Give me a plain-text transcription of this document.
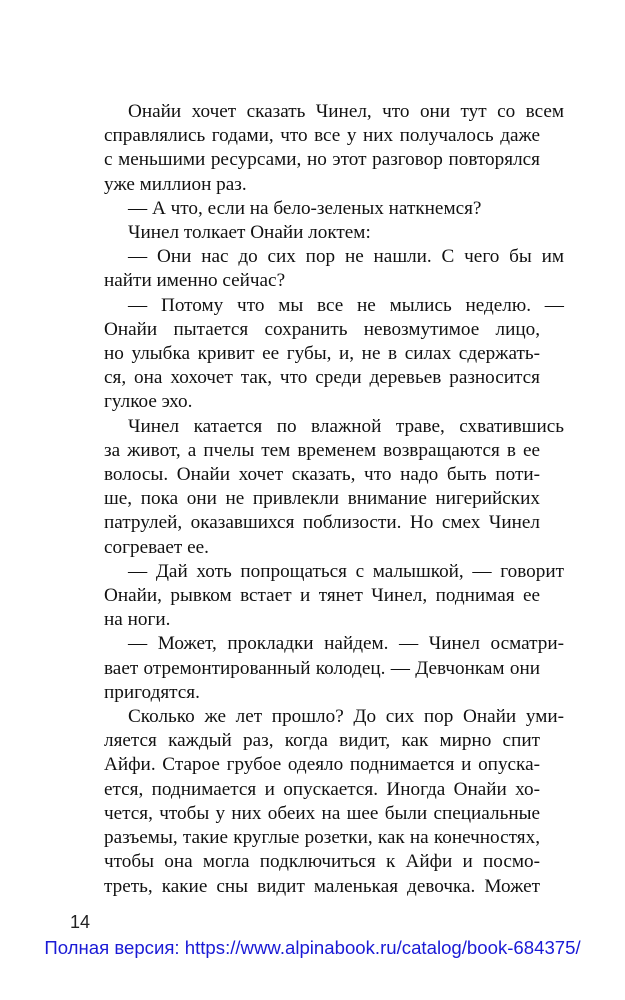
Онайи хочет сказать Чинел, что они тут со всем
справлялись годами, что все у них получалось даже
с меньшими ресурсами, но этот разговор повторялся
уже миллион раз.

— А что, если на бело-зеленых наткнемся?

Чинел толкает Онайи локтем:

— Они нас до сих пор не нашли. С чего бы им
найти именно сейчас?

— Потому что мы все не мылись неделю. —
Онайи пытается сохранить невозмутимое лицо,
но улыбка кривит ее губы, и, не в силах сдержать-
ся, она хохочет так, что среди деревьев разносится
гулкое эхо.

Чинел катается по влажной траве, схватившись
за живот, а пчелы тем временем возвращаются в ее
волосы. Онайи хочет сказать, что надо быть поти-
ше, пока они не привлекли внимание нигерийских
патрулей, оказавшихся поблизости. Но смех Чинел
согревает ее.

— Дай хоть попрощаться с малышкой, — говорит
Онайи, рывком встает и тянет Чинел, поднимая ее
на ноги.

— Может, прокладки найдем. — Чинел осматри-
вает отремонтированный колодец. — Девчонкам они
пригодятся.

Сколько же лет прошло? До сих пор Онайи уми-
ляется каждый раз, когда видит, как мирно спит
Айфи. Старое грубое одеяло поднимается и опуска-
ется, поднимается и опускается. Иногда Онайи хо-
чется, чтобы у них обеих на шее были специальные
разъемы, такие круглые розетки, как на конечностях,
чтобы она могла подключиться к Айфи и посмо-
треть, какие сны видит маленькая девочка. Может

14
Полная версия: https://www.alpinabook.ru/catalog/book-684375/
